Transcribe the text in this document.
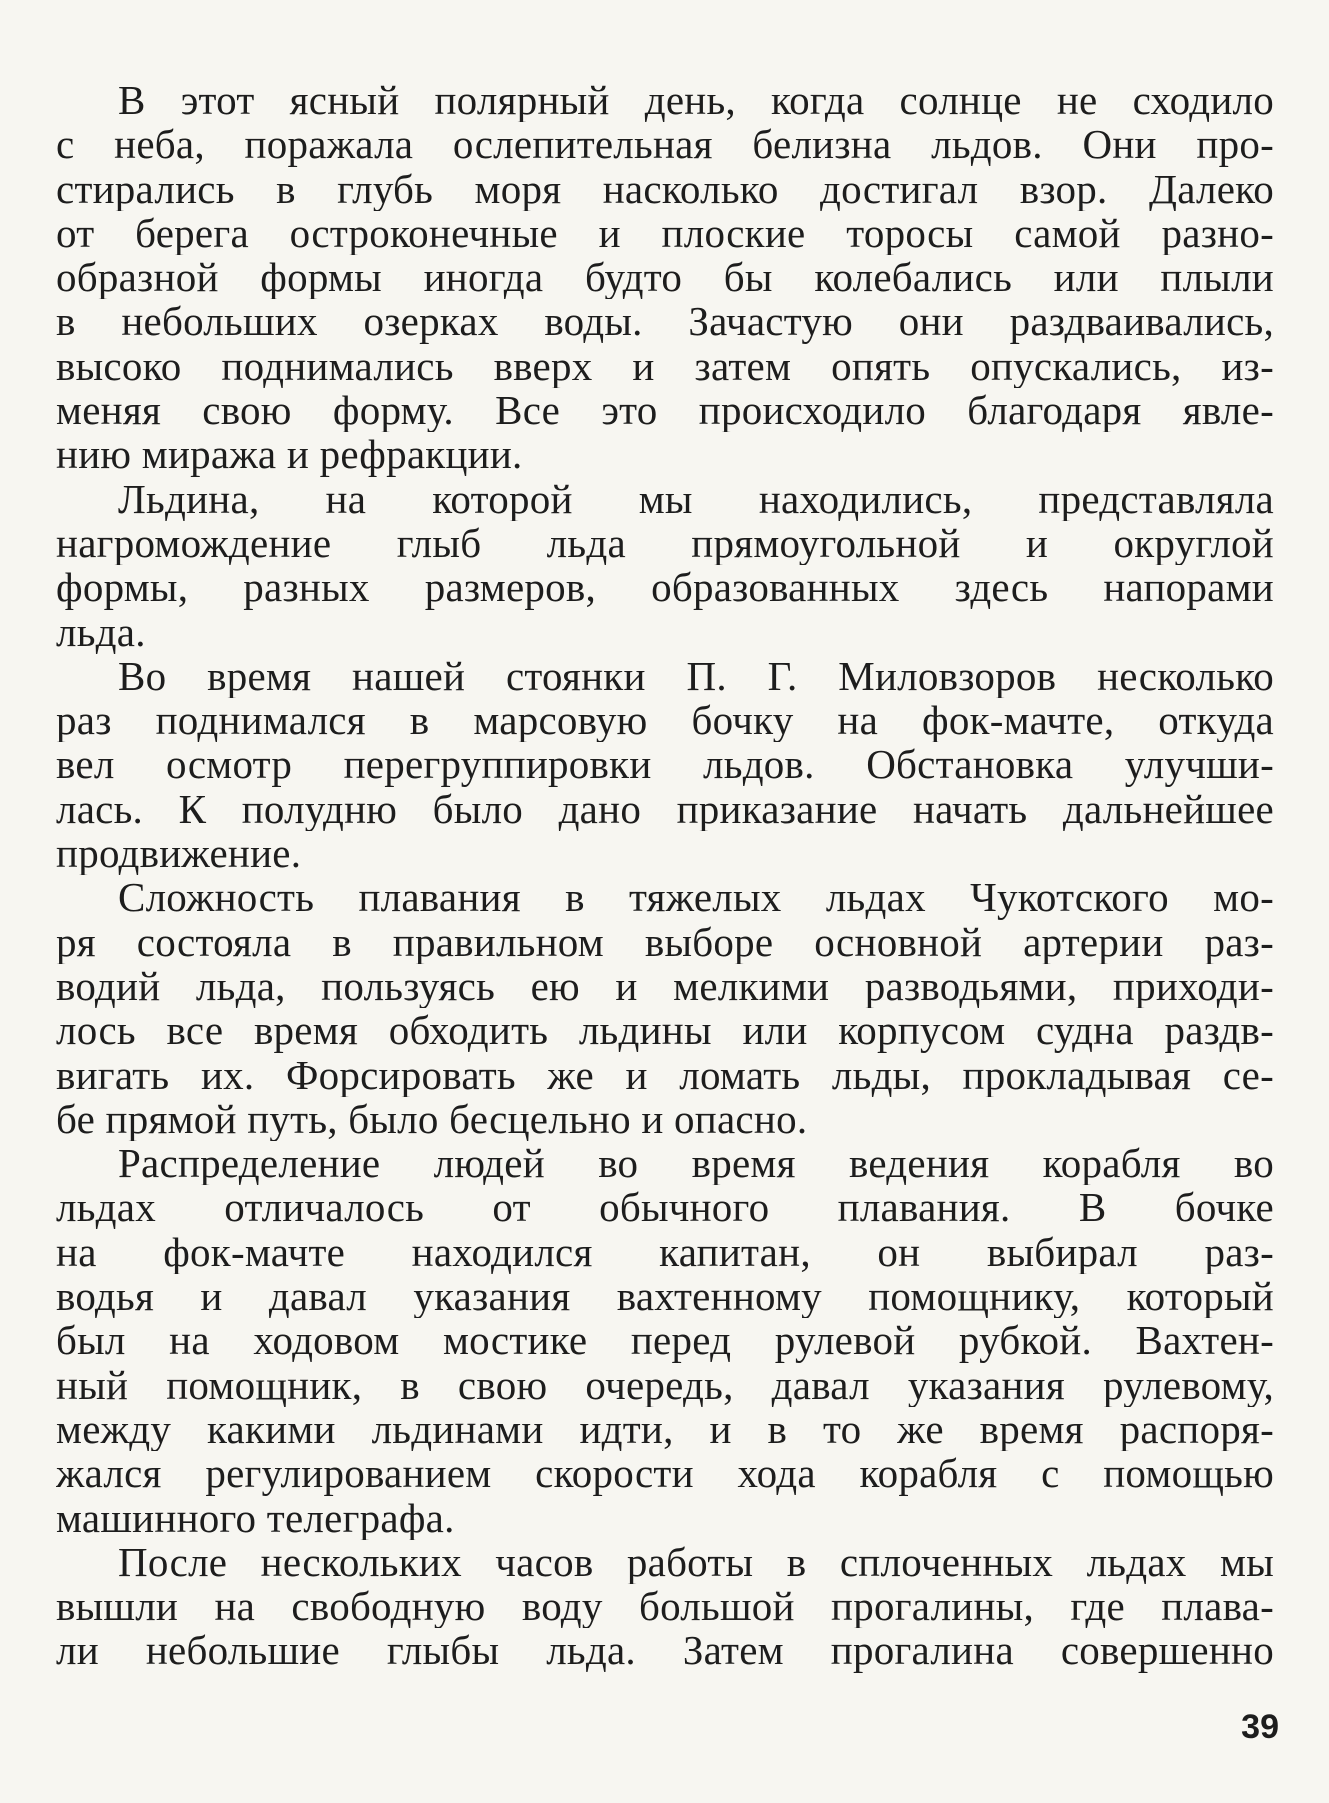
В этот ясный полярный день, когда солнце не сходило
с неба, поражала ослепительная белизна льдов. Они про-
стирались в глубь моря насколько достигал взор. Далеко
от берега остроконечные и плоские торосы самой разно-
образной формы иногда будто бы колебались или плыли
в небольших озерках воды. Зачастую они раздваивались,
высоко поднимались вверх и затем опять опускались, из-
меняя свою форму. Все это происходило благодаря явле-
нию миража и рефракции.
Льдина, на которой мы находились, представляла
нагромождение глыб льда прямоугольной и округлой
формы, разных размеров, образованных здесь напорами
льда.
Во время нашей стоянки П. Г. Миловзоров несколько
раз поднимался в марсовую бочку на фок-мачте, откуда
вел осмотр перегруппировки льдов. Обстановка улучши-
лась. К полудню было дано приказание начать дальнейшее
продвижение.
Сложность плавания в тяжелых льдах Чукотского мо-
ря состояла в правильном выборе основной артерии раз-
водий льда, пользуясь ею и мелкими разводьями, приходи-
лось все время обходить льдины или корпусом судна раздв-
вигать их. Форсировать же и ломать льды, прокладывая се-
бе прямой путь, было бесцельно и опасно.
Распределение людей во время ведения корабля во
льдах отличалось от обычного плавания. В бочке
на фок-мачте находился капитан, он выбирал раз-
водья и давал указания вахтенному помощнику, который
был на ходовом мостике перед рулевой рубкой. Вахтен-
ный помощник, в свою очередь, давал указания рулевому,
между какими льдинами идти, и в то же время распоря-
жался регулированием скорости хода корабля с помощью
машинного телеграфа.
После нескольких часов работы в сплоченных льдах мы
вышли на свободную воду большой прогалины, где плава-
ли небольшие глыбы льда. Затем прогалина совершенно
39
